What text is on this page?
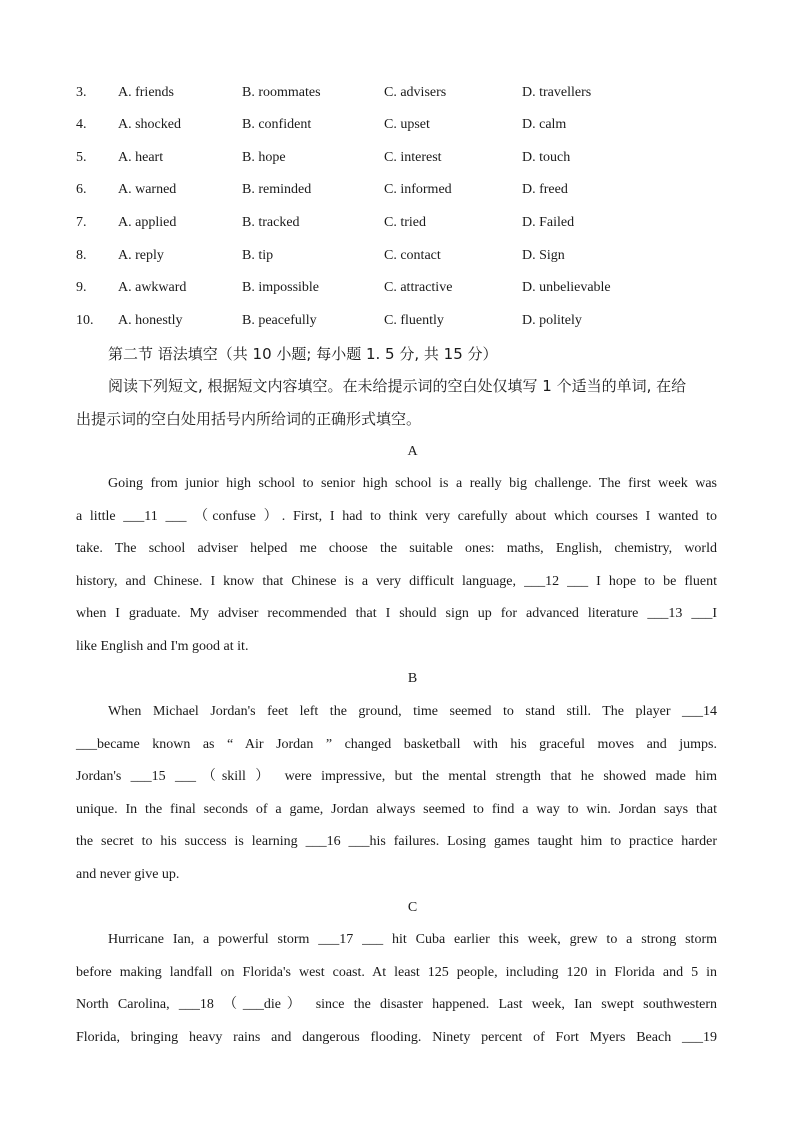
3. A. friends	B. roommates	C. advisers	D. travellers
4. A. shocked	B. confident	C. upset	D. calm
5. A. heart	B. hope	C. interest	D. touch
6. A. warned	B. reminded	C. informed	D. freed
7. A. applied	B. tracked	C. tried	D. Failed
8. A. reply	B. tip	C. contact	D. Sign
9. A. awkward	B. impossible	C. attractive	D. unbelievable
10. A. honestly	B. peacefully	C. fluently	D. politely
第二节 语法填空（共 10 小题; 每小题 1. 5 分, 共 15 分）
阅读下列短文, 根据短文内容填空。在未给提示词的空白处仅填写 1 个适当的单词, 在给
出提示词的空白处用括号内所给词的正确形式填空。
A
Going from junior high school to senior high school is a really big challenge. The first week was
a little ___11 ___ （confuse ）. First, I had to think very carefully about which courses I wanted to
take. The school adviser helped me choose the suitable ones: maths, English, chemistry, world
history, and Chinese. I know that Chinese is a very difficult language, ___12 ___ I hope to be fluent
when I graduate. My adviser recommended that I should sign up for advanced literature ___13 ___I
like English and I'm good at it.
B
When Michael Jordan's feet left the ground, time seemed to stand still. The player ___14
___became known as “ Air Jordan ” changed basketball with his graceful moves and jumps.
Jordan's ___15 ___（skill ） were impressive, but the mental strength that he showed made him
unique. In the final seconds of a game, Jordan always seemed to find a way to win. Jordan says that
the secret to his success is learning ___16 ___his failures. Losing games taught him to practice harder
and never give up.
C
Hurricane Ian, a powerful storm ___17 ___ hit Cuba earlier this week, grew to a strong storm
before making landfall on Florida's west coast. At least 125 people, including 120 in Florida and 5 in
North Carolina, ___18 （___die） since the disaster happened. Last week, Ian swept southwestern
Florida, bringing heavy rains and dangerous flooding. Ninety percent of Fort Myers Beach ___19
